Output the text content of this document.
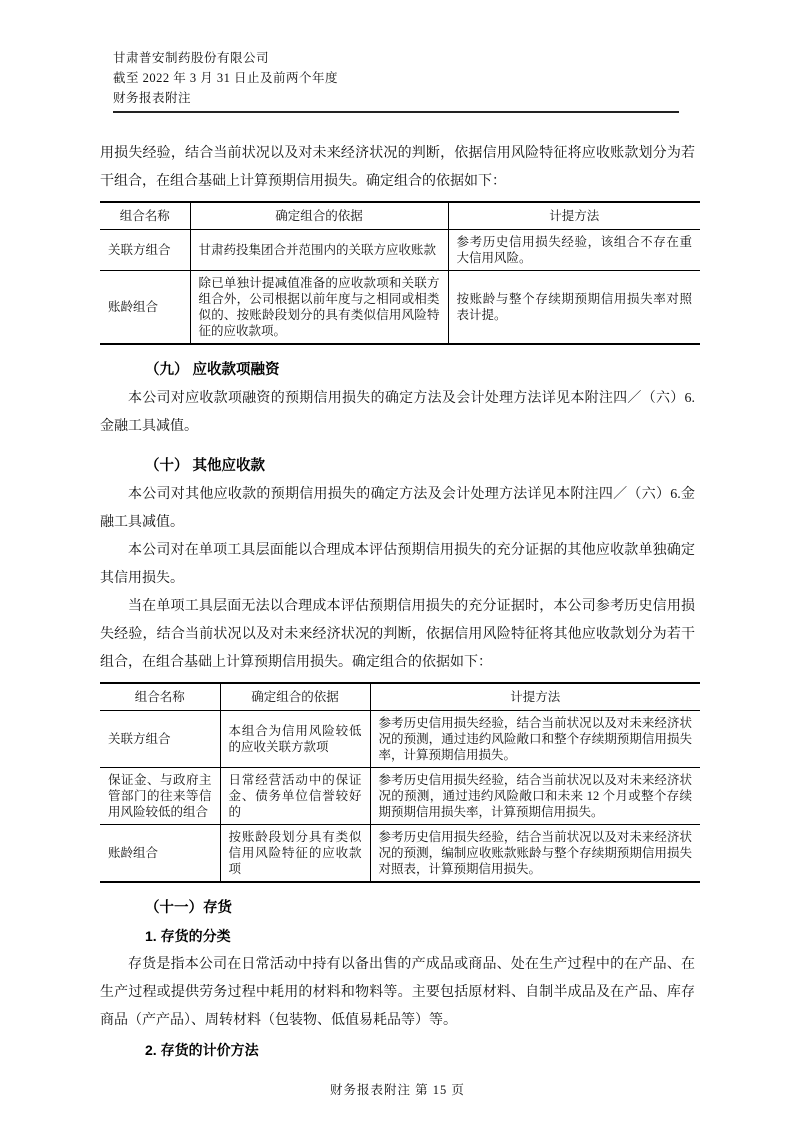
甘肃普安制药股份有限公司
截至 2022 年 3 月 31 日止及前两个年度
财务报表附注

用损失经验，结合当前状况以及对未来经济状况的判断，依据信用风险特征将应收账款划分为若干组合，在组合基础上计算预期信用损失。确定组合的依据如下：

组合名称	确定组合的依据	计提方法
关联方组合	甘肃药投集团合并范围内的关联方应收账款	参考历史信用损失经验，该组合不存在重大信用风险。
账龄组合	除已单独计提减值准备的应收款项和关联方组合外，公司根据以前年度与之相同或相类似的、按账龄段划分的具有类似信用风险特征的应收款项。	按账龄与整个存续期预期信用损失率对照表计提。
（九） 应收款项融资

本公司对应收款项融资的预期信用损失的确定方法及会计处理方法详见本附注四／（六）6.金融工具减值。

（十） 其他应收款

本公司对其他应收款的预期信用损失的确定方法及会计处理方法详见本附注四／（六）6.金融工具减值。

本公司对在单项工具层面能以合理成本评估预期信用损失的充分证据的其他应收款单独确定其信用损失。

当在单项工具层面无法以合理成本评估预期信用损失的充分证据时，本公司参考历史信用损失经验，结合当前状况以及对未来经济状况的判断，依据信用风险特征将其他应收款划分为若干组合，在组合基础上计算预期信用损失。确定组合的依据如下：

组合名称	确定组合的依据	计提方法
关联方组合	本组合为信用风险较低的应收关联方款项	参考历史信用损失经验，结合当前状况以及对未来经济状况的预测，通过违约风险敞口和整个存续期预期信用损失率，计算预期信用损失。
保证金、与政府主管部门的往来等信用风险较低的组合	日常经营活动中的保证金、债务单位信誉较好的	参考历史信用损失经验，结合当前状况以及对未来经济状况的预测，通过违约风险敞口和未来 12 个月或整个存续期预期信用损失率，计算预期信用损失。
账龄组合	按账龄段划分具有类似信用风险特征的应收款项	参考历史信用损失经验，结合当前状况以及对未来经济状况的预测，编制应收账款账龄与整个存续期预期信用损失对照表，计算预期信用损失。
（十一）存货
1. 存货的分类

存货是指本公司在日常活动中持有以备出售的产成品或商品、处在生产过程中的在产品、在生产过程或提供劳务过程中耗用的材料和物料等。主要包括原材料、自制半成品及在产品、库存商品（产产品）、周转材料（包装物、低值易耗品等）等。

2. 存货的计价方法
财务报表附注 第 15 页
